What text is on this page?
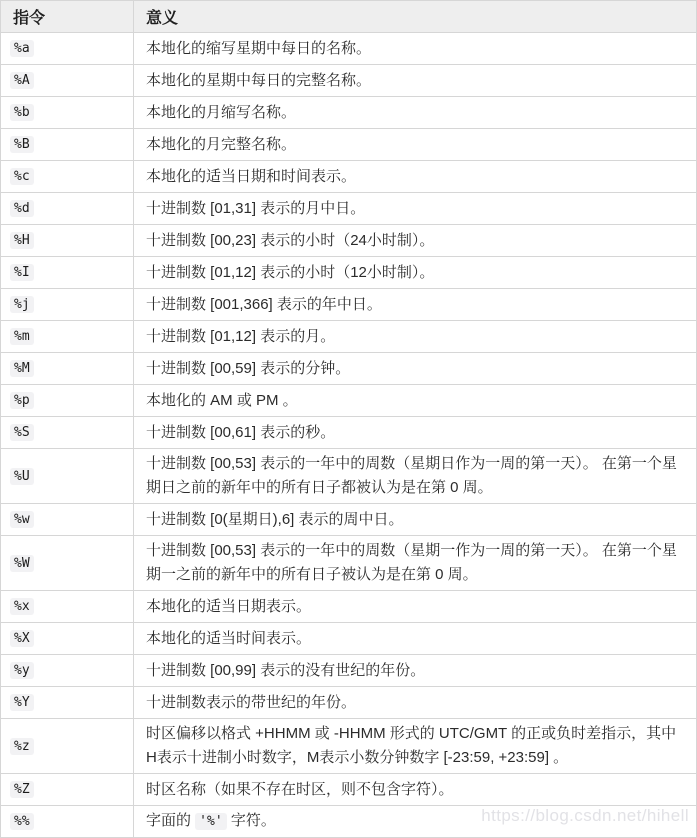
指令	意义
%a	本地化的缩写星期中每日的名称。
%A	本地化的星期中每日的完整名称。
%b	本地化的月缩写名称。
%B	本地化的月完整名称。
%c	本地化的适当日期和时间表示。
%d	十进制数 [01,31] 表示的月中日。
%H	十进制数 [00,23] 表示的小时（24小时制）。
%I	十进制数 [01,12] 表示的小时（12小时制）。
%j	十进制数 [001,366] 表示的年中日。
%m	十进制数 [01,12] 表示的月。
%M	十进制数 [00,59] 表示的分钟。
%p	本地化的 AM 或 PM 。
%S	十进制数 [00,61] 表示的秒。
%U	十进制数 [00,53] 表示的一年中的周数（星期日作为一周的第一天）。 在第一个星期日之前的新年中的所有日子都被认为是在第 0 周。
%w	十进制数 [0(星期日),6] 表示的周中日。
%W	十进制数 [00,53] 表示的一年中的周数（星期一作为一周的第一天）。 在第一个星期一之前的新年中的所有日子被认为是在第 0 周。
%x	本地化的适当日期表示。
%X	本地化的适当时间表示。
%y	十进制数 [00,99] 表示的没有世纪的年份。
%Y	十进制数表示的带世纪的年份。
%z	时区偏移以格式 +HHMM 或 -HHMM 形式的 UTC/GMT 的正或负时差指示，其中H表示十进制小时数字，M表示小数分钟数字 [-23:59, +23:59] 。
%Z	时区名称（如果不存在时区，则不包含字符）。
%%	字面的 '%' 字符。	https://blog.csdn.net/hihell
